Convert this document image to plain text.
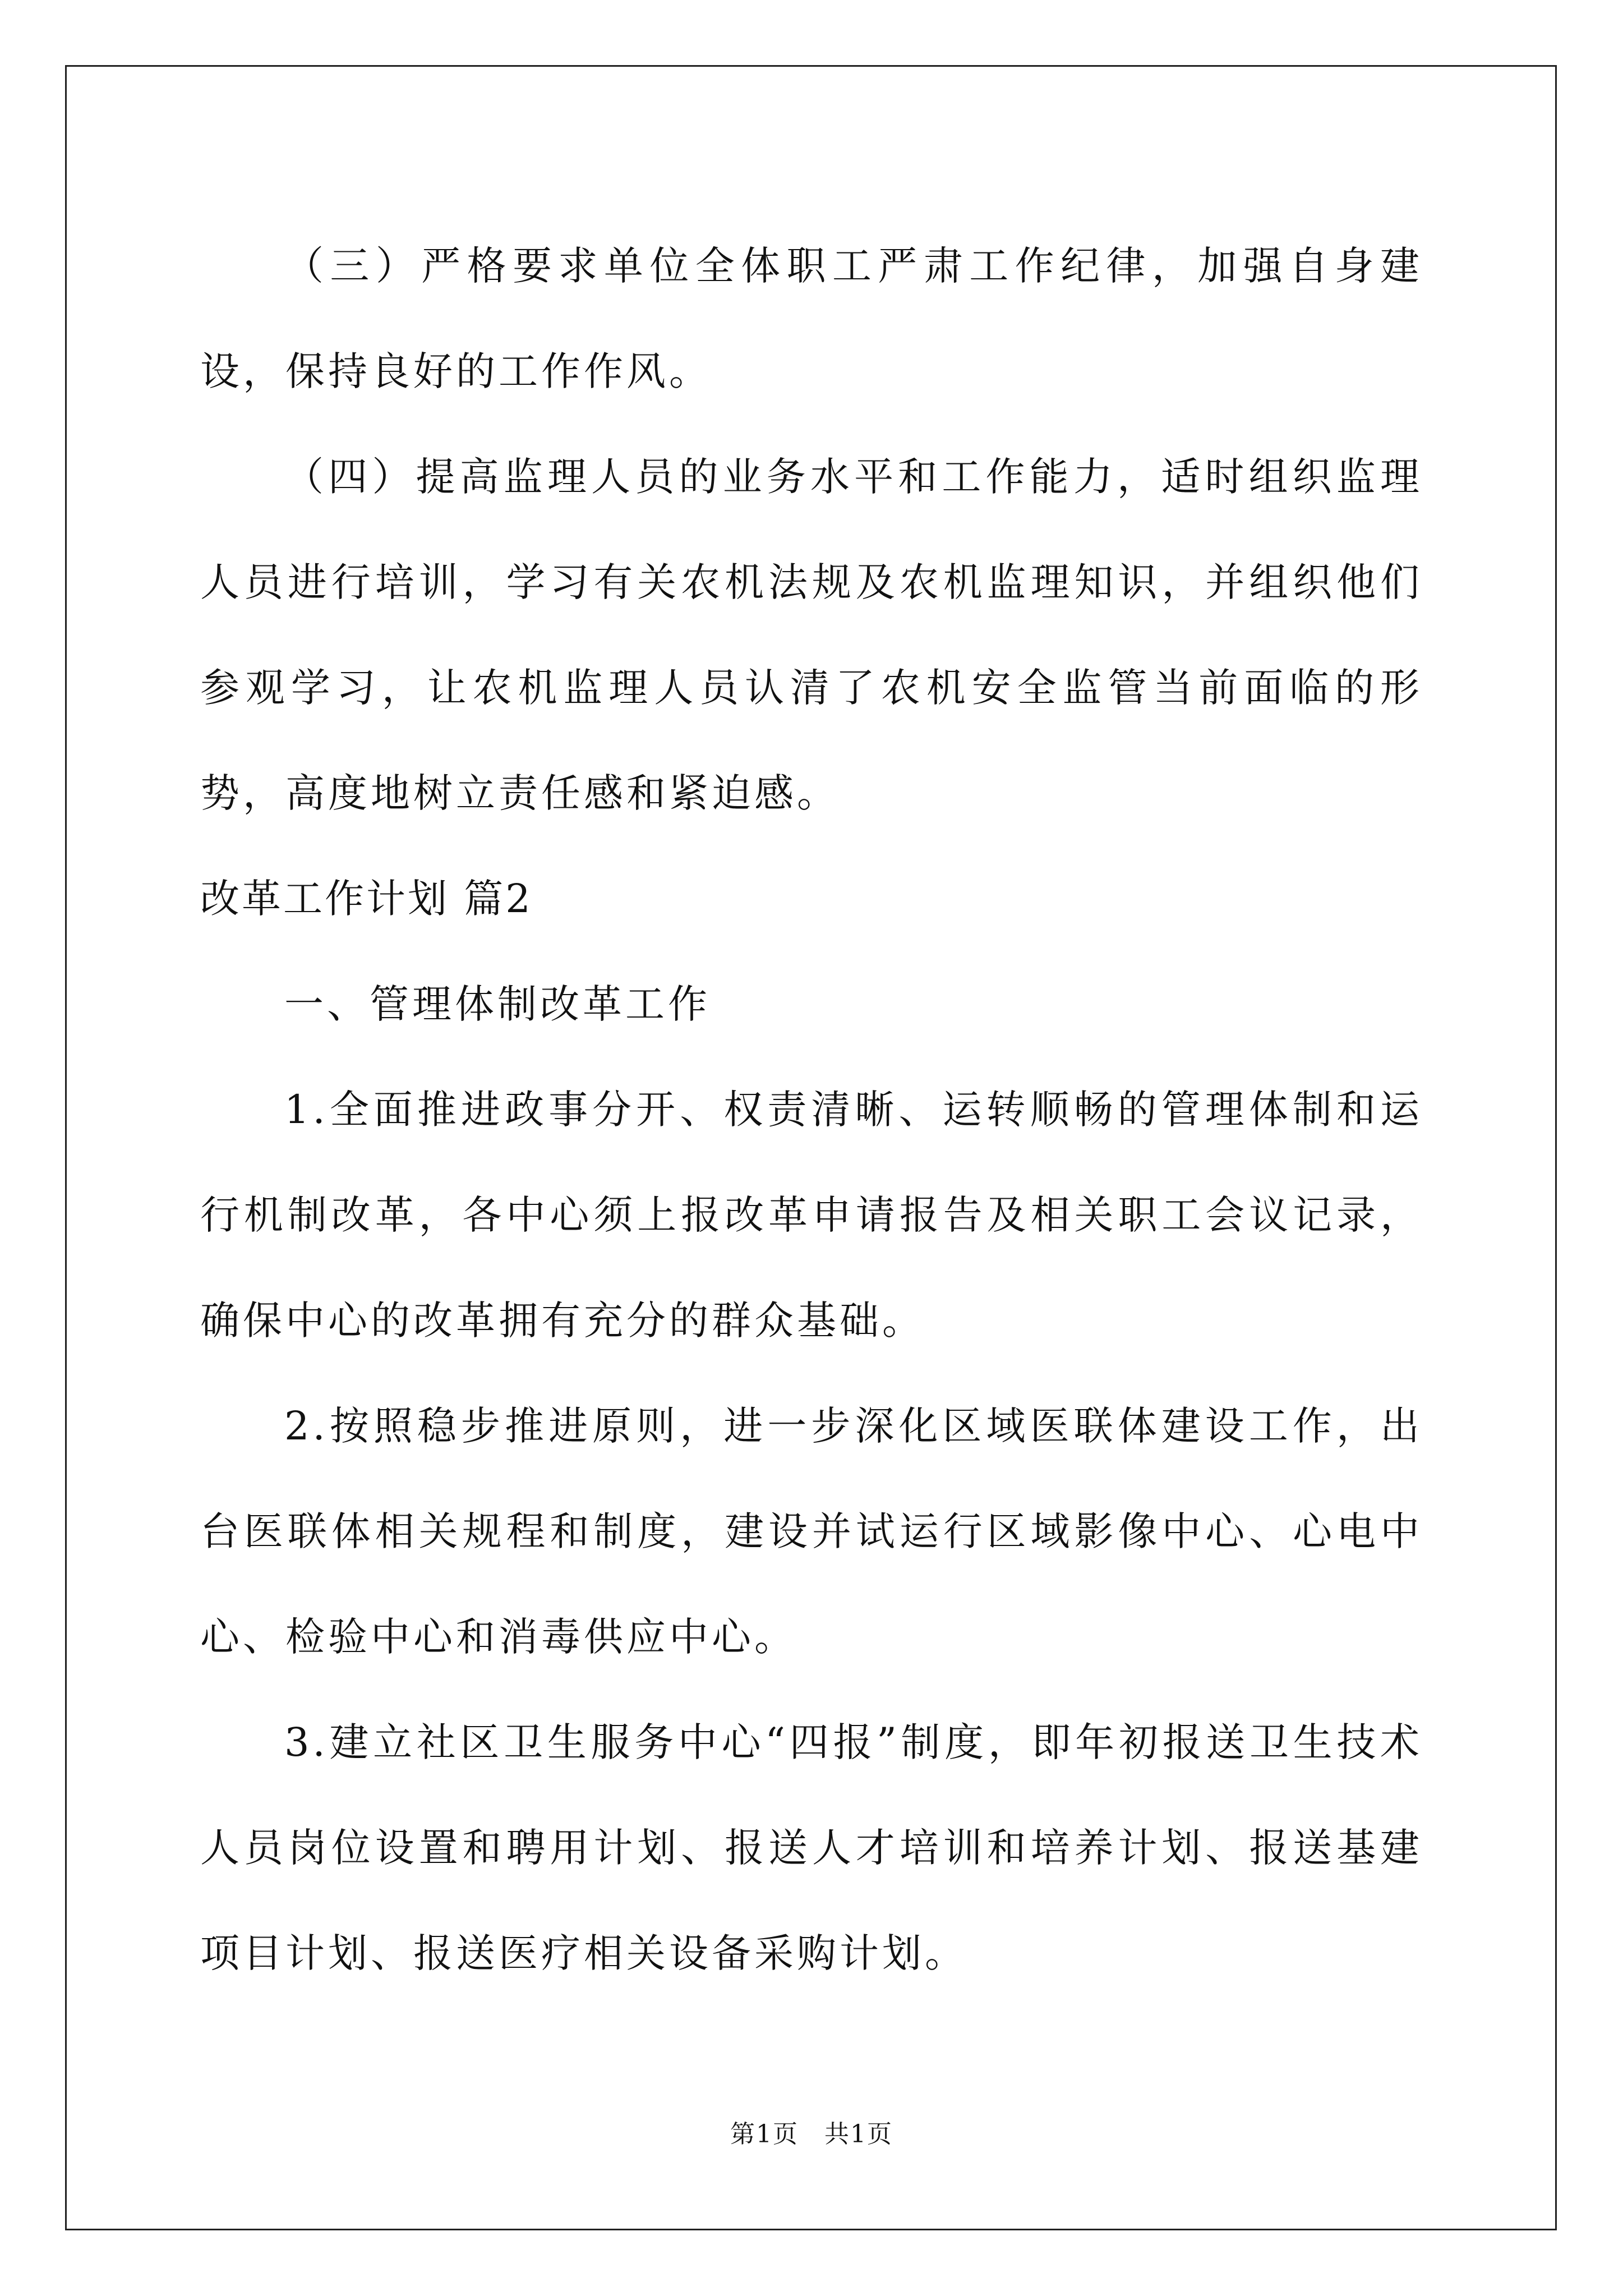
（三）严格要求单位全体职工严肃工作纪律，加强自身建设，保持良好的工作作风。

（四）提高监理人员的业务水平和工作能力，适时组织监理人员进行培训，学习有关农机法规及农机监理知识，并组织他们参观学习，让农机监理人员认清了农机安全监管当前面临的形势，高度地树立责任感和紧迫感。

改革工作计划 篇2

一、管理体制改革工作

1.全面推进政事分开、权责清晰、运转顺畅的管理体制和运行机制改革，各中心须上报改革申请报告及相关职工会议记录，确保中心的改革拥有充分的群众基础。

2.按照稳步推进原则，进一步深化区域医联体建设工作，出台医联体相关规程和制度，建设并试运行区域影像中心、心电中心、检验中心和消毒供应中心。

3.建立社区卫生服务中心“四报”制度，即年初报送卫生技术人员岗位设置和聘用计划、报送人才培训和培养计划、报送基建项目计划、报送医疗相关设备采购计划。

第1页　共1页
